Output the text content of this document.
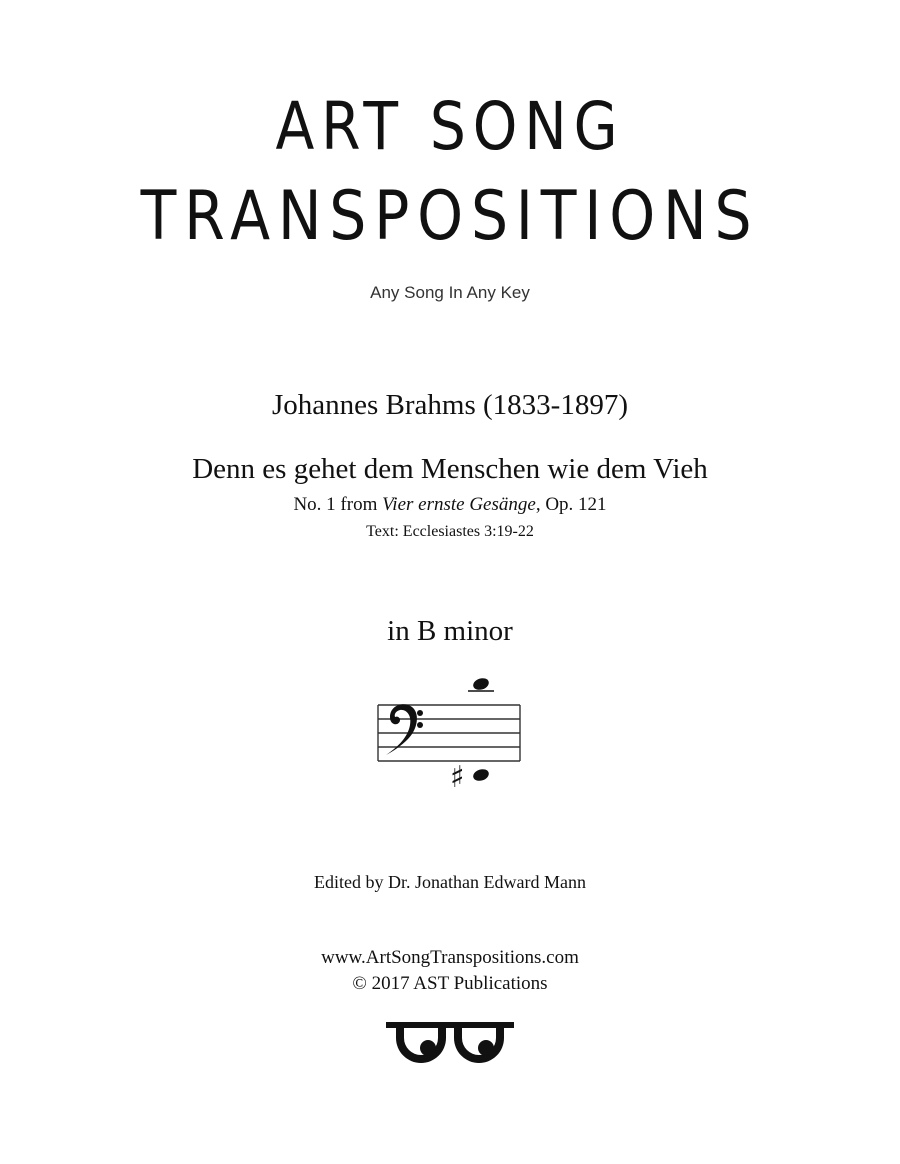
ART SONG
TRANSPOSITIONS
Any Song In Any Key
Johannes Brahms (1833-1897)
Denn es gehet dem Menschen wie dem Vieh
No. 1 from Vier ernste Gesänge, Op. 121
Text: Ecclesiastes 3:19-22
in B minor
♯
Edited by Dr. Jonathan Edward Mann
www.ArtSongTranspositions.com
© 2017 AST Publications
